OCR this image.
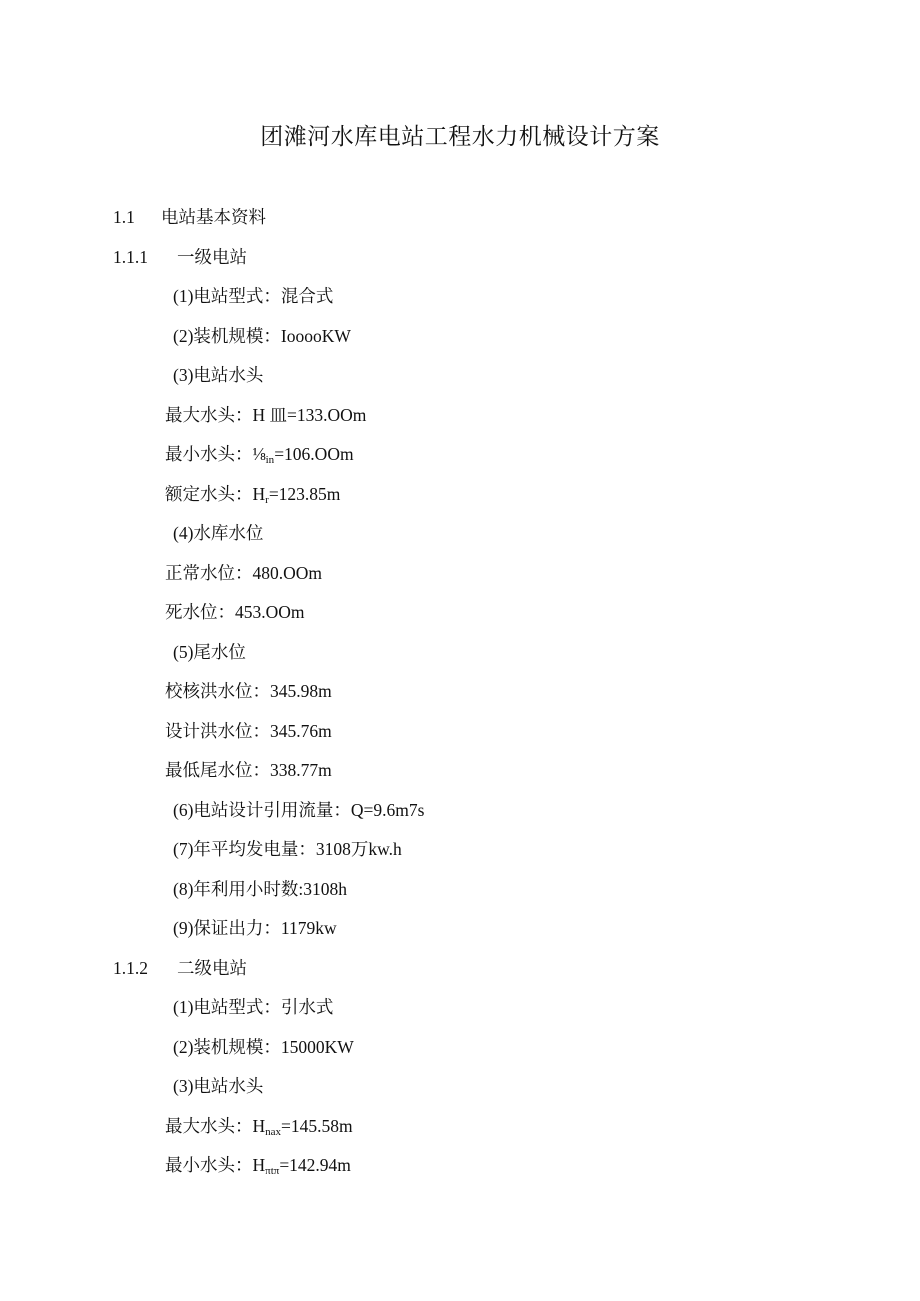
团滩河水库电站工程水力机械设计方案
1.1 电站基本资料
1.1.1 一级电站
(1)电站型式：混合式
(2)装机规模：IooooKW
(3)电站水头
最大水头：H 皿=133.OOm
最小水头：$\frac{1}{8}_{in}=106.OOm$
额定水头：$H_r=123.85m$
(4)水库水位
正常水位：480.OOm
死水位：453.OOm
(5)尾水位
校核洪水位：345.98m
设计洪水位：345.76m
最低尾水位：338.77m
(6)电站设计引用流量：Q=9.6m7s
(7)年平均发电量：3108万kw.h
(8)年利用小时数:3108h
(9)保证出力：1179kw
1.1.2 二级电站
(1)电站型式：引水式
(2)装机规模：15000KW
(3)电站水头
最大水头：$H_{nax}=145.58m$
最小水头：$H_{\pi t\pi}=142.94m$
